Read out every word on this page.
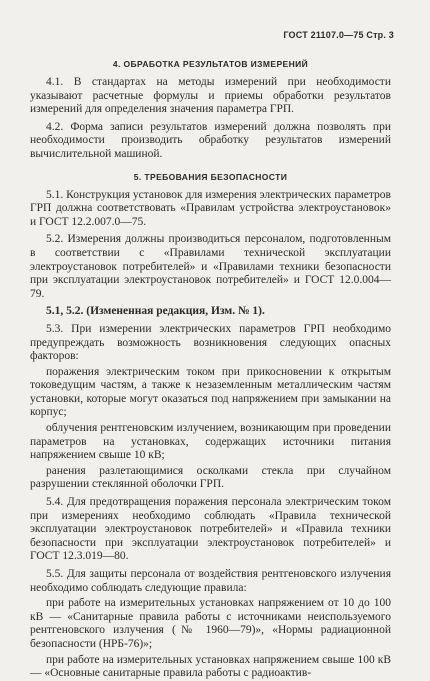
ГОСТ 21107.0—75 Стр. 3
4. ОБРАБОТКА РЕЗУЛЬТАТОВ ИЗМЕРЕНИЙ

4.1. В стандартах на методы измерений при необходимости указывают расчетные формулы и приемы обработки результатов измерений для определения значения параметра ГРП.

4.2. Форма записи результатов измерений должна позволять при необходимости производить обработку результатов измерений вычислительной машиной.

5. ТРЕБОВАНИЯ БЕЗОПАСНОСТИ

5.1. Конструкция установок для измерения электрических параметров ГРП должна соответствовать «Правилам устройства электроустановок» и ГОСТ 12.2.007.0—75.

5.2. Измерения должны производиться персоналом, подготовленным в соответствии с «Правилами технической эксплуатации электроустановок потребителей» и «Правилами техники безопасности при эксплуатации электроустановок потребителей» и ГОСТ 12.0.004—79.

5.1, 5.2. (Измененная редакция, Изм. № 1).

5.3. При измерении электрических параметров ГРП необходимо предупреждать возможность возникновения следующих опасных факторов:

поражения электрическим током при прикосновении к открытым токоведущим частям, а также к незаземленным металлическим частям установки, которые могут оказаться под напряжением при замыкании на корпус;

облучения рентгеновским излучением, возникающим при проведении параметров на установках, содержащих источники питания напряжением свыше 10 кВ;

ранения разлетающимися осколками стекла при случайном разрушении стеклянной оболочки ГРП.

5.4. Для предотвращения поражения персонала электрическим током при измерениях необходимо соблюдать «Правила технической эксплуатации электроустановок потребителей» и «Правила техники безопасности при эксплуатации электроустановок потребителей» и ГОСТ 12.3.019—80.

5.5. Для защиты персонала от воздействия рентгеновского излучения необходимо соблюдать следующие правила:

при работе на измерительных установках напряжением от 10 до 100 кВ — «Санитарные правила работы с источниками неиспользуемого рентгеновского излучения (№ 1960—79)», «Нормы радиационной безопасности (НРБ-76)»;

при работе на измерительных установках напряжением свыше 100 кВ — «Основные санитарные правила работы с радиоактив-
